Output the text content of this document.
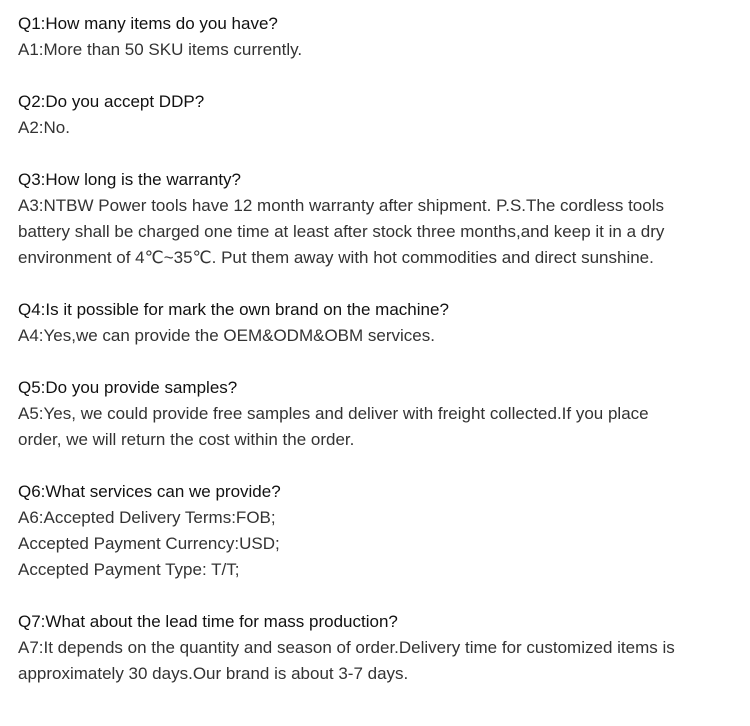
Q1:How many items do you have?
A1:More than 50 SKU items currently.
Q2:Do you accept DDP?
A2:No.
Q3:How long is the warranty?
A3:NTBW Power tools have 12 month warranty after shipment. P.S.The cordless tools
battery shall be charged one time at least after stock three months,and keep it in a dry
environment of 4℃~35℃. Put them away with hot commodities and direct sunshine.
Q4:Is it possible for mark the own brand on the machine?
A4:Yes,we can provide the OEM&ODM&OBM services.
Q5:Do you provide samples?
A5:Yes, we could provide free samples and deliver with freight collected.If you place
order, we will return the cost within the order.
Q6:What services can we provide?
A6:Accepted Delivery Terms:FOB;
Accepted Payment Currency:USD;
Accepted Payment Type: T/T;
Q7:What about the lead time for mass production?
A7:It depends on the quantity and season of order.Delivery time for customized items is
approximately 30 days.Our brand is about 3-7 days.
